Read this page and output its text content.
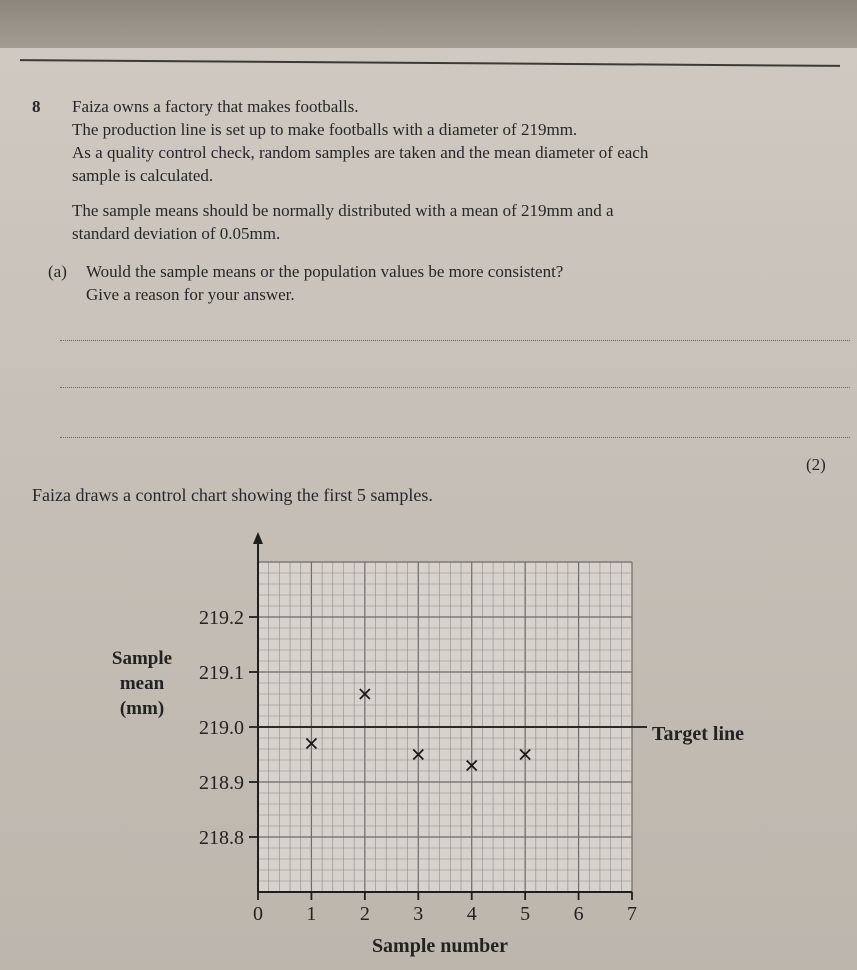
8 Faiza owns a factory that makes footballs.
The production line is set up to make footballs with a diameter of 219mm.
As a quality control check, random samples are taken and the mean diameter of each
sample is calculated.
The sample means should be normally distributed with a mean of 219mm and a
standard deviation of 0.05mm.
(a) Would the sample means or the population values be more consistent?
Give a reason for your answer.
(2)
Faiza draws a control chart showing the first 5 samples.
218.8
218.9
219.0
219.1
219.2
0 1 2 3 4 5 6 7
Target line
Sample
mean
(mm)
Sample number
